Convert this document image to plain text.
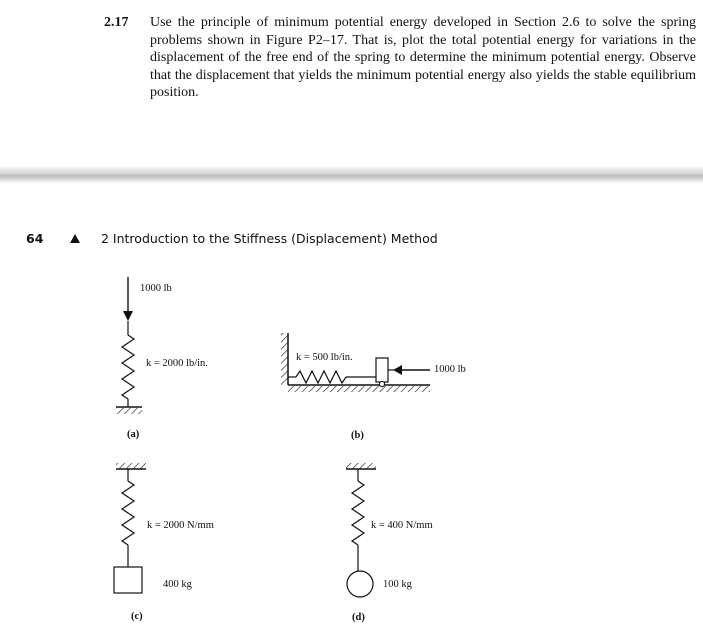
2.17 Use the principle of minimum potential energy developed in Section 2.6 to solve the spring problems shown in Figure P2–17. That is, plot the total potential energy for variations in the displacement of the free end of the spring to determine the minimum potential energy. Observe that the displacement that yields the minimum potential energy also yields the stable equilibrium position.
64	2 Introduction to the Stiffness (Displacement) Method
1000 lb
k = 2000 lb/in.
(a)
k = 500 lb/in.
1000 lb
(b)
k = 2000 N/mm
400 kg
(c)
k = 400 N/mm
100 kg
(d)
